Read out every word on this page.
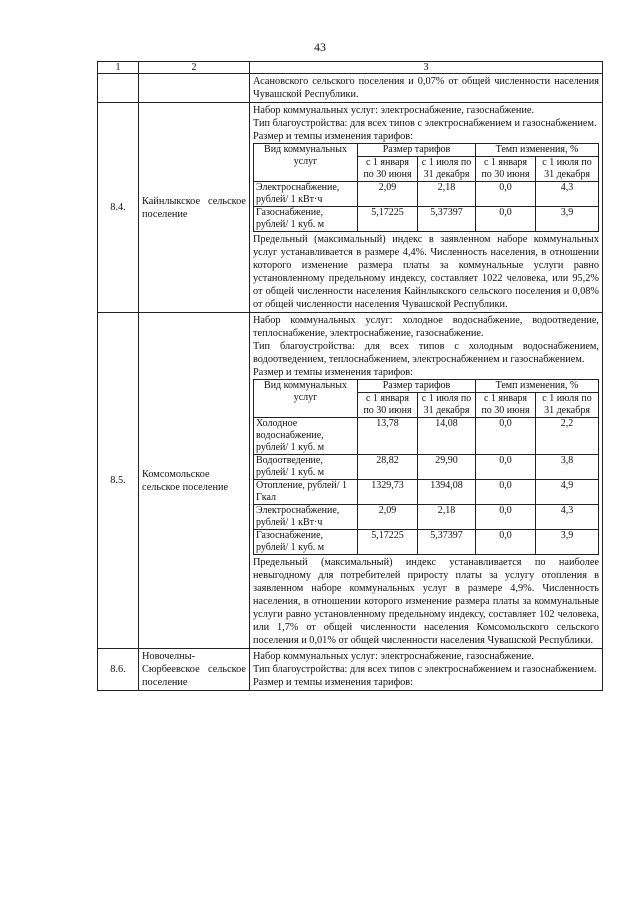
43
1	2	3

Асановского сельского поселения и 0,07% от общей численности населения Чувашской Республики.

8.4.	Кайнлыкское сельское поселение	

Набор коммунальных услуг: электроснабжение, газоснабжение.

Тип благоустройства: для всех типов с электроснабжением и газоснабжением.

Размер и темпы изменения тарифов:

Вид коммунальных услуг	Размер тарифов	Темп изменения, %
с 1 января по 30 июня	с 1 июля по 31 декабря	с 1 января по 30 июня	с 1 июля по 31 декабря
Электроснабжение, рублей/ 1 кВт·ч	2,09	2,18	0,0	4,3
Газоснабжение, рублей/ 1 куб. м	5,17225	5,37397	0,0	3,9

Предельный (максимальный) индекс в заявленном наборе коммунальных услуг устанавливается в размере 4,4%. Численность населения, в отношении которого изменение размера платы за коммунальные услуги равно установленному предельному индексу, составляет 1022 человека, или 95,2% от общей численности населения Кайнлыкского сельского поселения и 0,08% от общей численности населения Чувашской Республики.

8.5.	Комсомольское сельское поселение	

Набор коммунальных услуг: холодное водоснабжение, водоотведение, теплоснабжение, электроснабжение, газоснабжение.

Тип благоустройства: для всех типов с холодным водоснабжением, водоотведением, теплоснабжением, электроснабжением и газоснабжением.

Размер и темпы изменения тарифов:

Вид коммунальных услуг	Размер тарифов	Темп изменения, %
с 1 января по 30 июня	с 1 июля по 31 декабря	с 1 января по 30 июня	с 1 июля по 31 декабря
Холодное водоснабжение, рублей/ 1 куб. м	13,78	14,08	0,0	2,2
Водоотведение, рублей/ 1 куб. м	28,82	29,90	0,0	3,8
Отопление, рублей/ 1 Гкал	1329,73	1394,08	0,0	4,9
Электроснабжение, рублей/ 1 кВт·ч	2,09	2,18	0,0	4,3
Газоснабжение, рублей/ 1 куб. м	5,17225	5,37397	0,0	3,9

Предельный (максимальный) индекс устанавливается по наиболее невыгодному для потребителей приросту платы за услугу отопления в заявленном наборе коммунальных услуг в размере 4,9%. Численность населения, в отношении которого изменение размера платы за коммунальные услуги равно установленному предельному индексу, составляет 102 человека, или 1,7% от общей численности населения Комсомольского сельского поселения и 0,01% от общей численности населения Чувашской Республики.

8.6.	Новочелны-Сюрбеевское сельское поселение	

Набор коммунальных услуг: электроснабжение, газоснабжение.

Тип благоустройства: для всех типов с электроснабжением и газоснабжением.

Размер и темпы изменения тарифов:
